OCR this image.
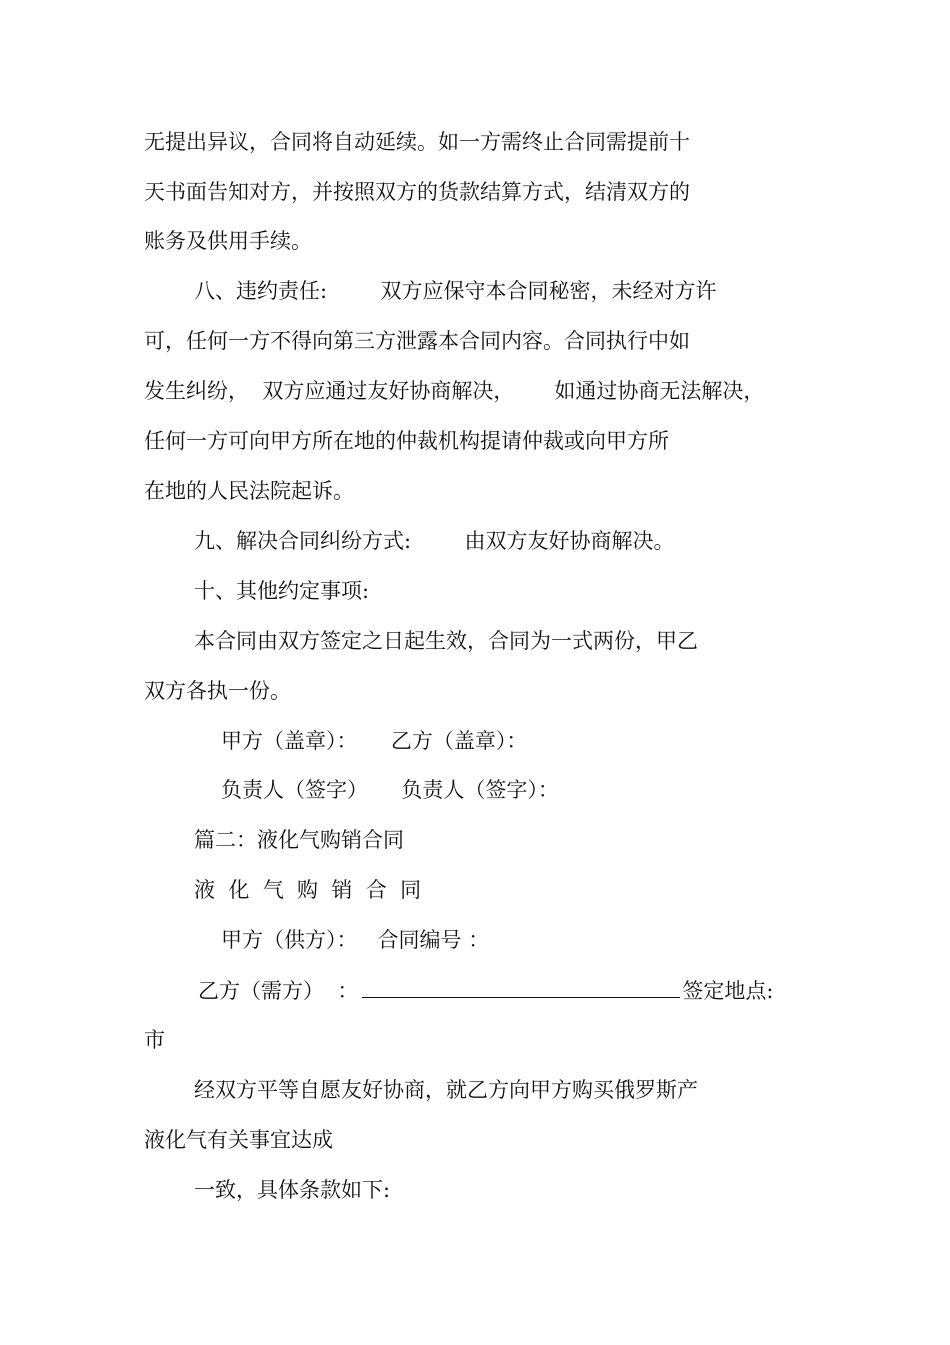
无提出异议，合同将自动延续。如一方需终止合同需提前十
天书面告知对方，并按照双方的货款结算方式，结清双方的
账务及供用手续。
八、违约责任:        双方应保守本合同秘密，未经对方许
可，任何一方不得向第三方泄露本合同内容。合同执行中如
发生纠纷，  双方应通过友好协商解决，      如通过协商无法解决，
任何一方可向甲方所在地的仲裁机构提请仲裁或向甲方所
在地的人民法院起诉。
九、解决合同纠纷方式:        由双方友好协商解决。
十、其他约定事项:
本合同由双方签定之日起生效，合同为一式两份，甲乙
双方各执一份。
甲方（盖章）：     乙方（盖章）：
负责人（签字）     负责人（签字）：
篇二：液化气购销合同
液  化  气  购  销  合  同
甲方（供方）：   合同编号 ：
乙方（需方）  ：	签定地点:
市
经双方平等自愿友好协商，就乙方向甲方购买俄罗斯产
液化气有关事宜达成
一致，具体条款如下:
